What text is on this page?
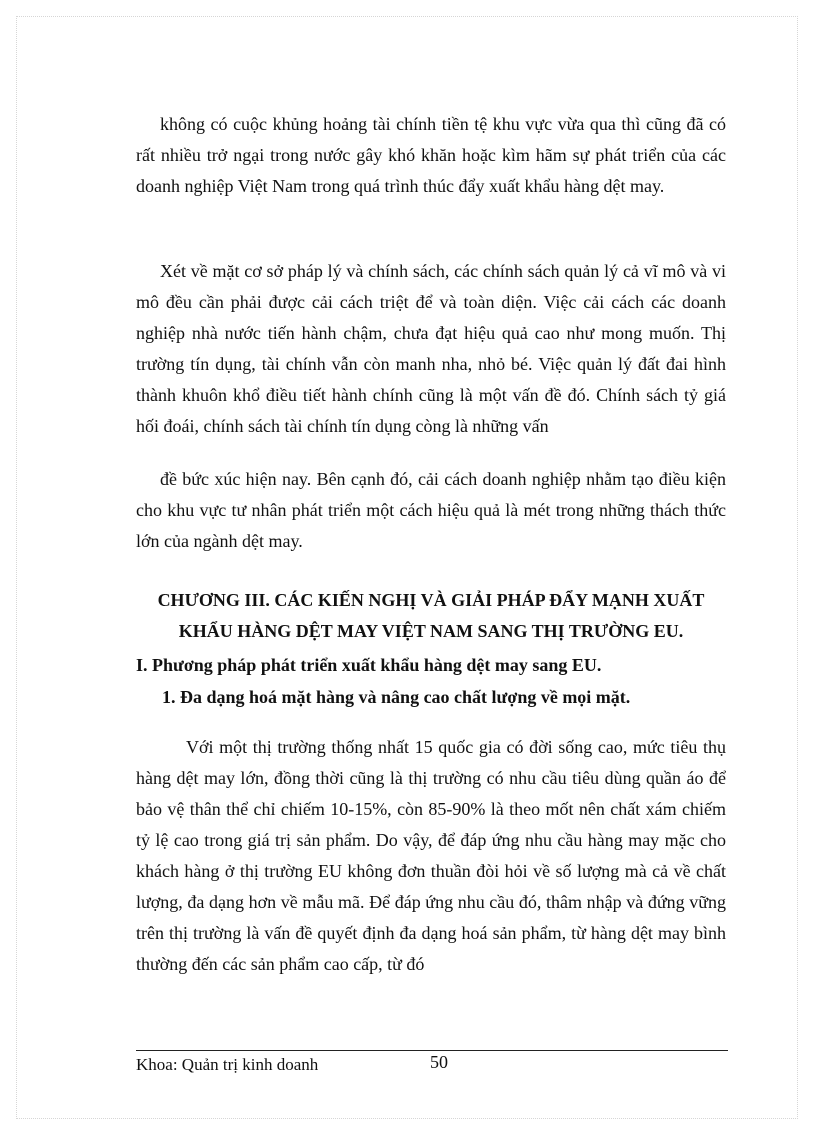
không có cuộc khủng hoảng tài chính tiền tệ khu vực vừa qua thì cũng đã có rất nhiều trở ngại trong nước gây khó khăn hoặc kìm hãm sự phát triển của các doanh nghiệp Việt Nam trong quá trình thúc đẩy xuất khẩu hàng dệt may.

Xét về mặt cơ sở pháp lý và chính sách, các chính sách quản lý cả vĩ mô và vi mô đều cần phải được cải cách triệt để và toàn diện. Việc cải cách các doanh nghiệp nhà nước tiến hành chậm, chưa đạt hiệu quả cao như mong muốn. Thị trường tín dụng, tài chính vẫn còn manh nha, nhỏ bé. Việc quản lý đất đai hình thành khuôn khổ điều tiết hành chính cũng là một vấn đề đó. Chính sách tỷ giá hối đoái, chính sách tài chính tín dụng còng là những vấn

đề bức xúc hiện nay. Bên cạnh đó, cải cách doanh nghiệp nhằm tạo điều kiện cho khu vực tư nhân phát triển một cách hiệu quả là mét trong những thách thức lớn của ngành dệt may.

CHƯƠNG III. CÁC KIẾN NGHỊ VÀ GIẢI PHÁP ĐẨY MẠNH XUẤT KHẨU HÀNG DỆT MAY VIỆT NAM SANG THỊ TRƯỜNG EU.

I. Phương pháp phát triển xuất khẩu hàng dệt may sang EU.

1. Đa dạng hoá mặt hàng và nâng cao chất lượng về mọi mặt.

Với một thị trường thống nhất 15 quốc gia có đời sống cao, mức tiêu thụ hàng dệt may lớn, đồng thời cũng là thị trường có nhu cầu tiêu dùng quần áo để bảo vệ thân thể chỉ chiếm 10-15%, còn 85-90% là theo mốt nên chất xám chiếm tỷ lệ cao trong giá trị sản phẩm. Do vậy, để đáp ứng nhu cầu hàng may mặc cho khách hàng ở thị trường EU không đơn thuần đòi hỏi về số lượng mà cả về chất lượng, đa dạng hơn về mẫu mã. Để đáp ứng nhu cầu đó, thâm nhập và đứng vững trên thị trường là vấn đề quyết định đa dạng hoá sản phẩm, từ hàng dệt may bình thường đến các sản phẩm cao cấp, từ đó

Khoa: Quản trị kinh doanh	50
